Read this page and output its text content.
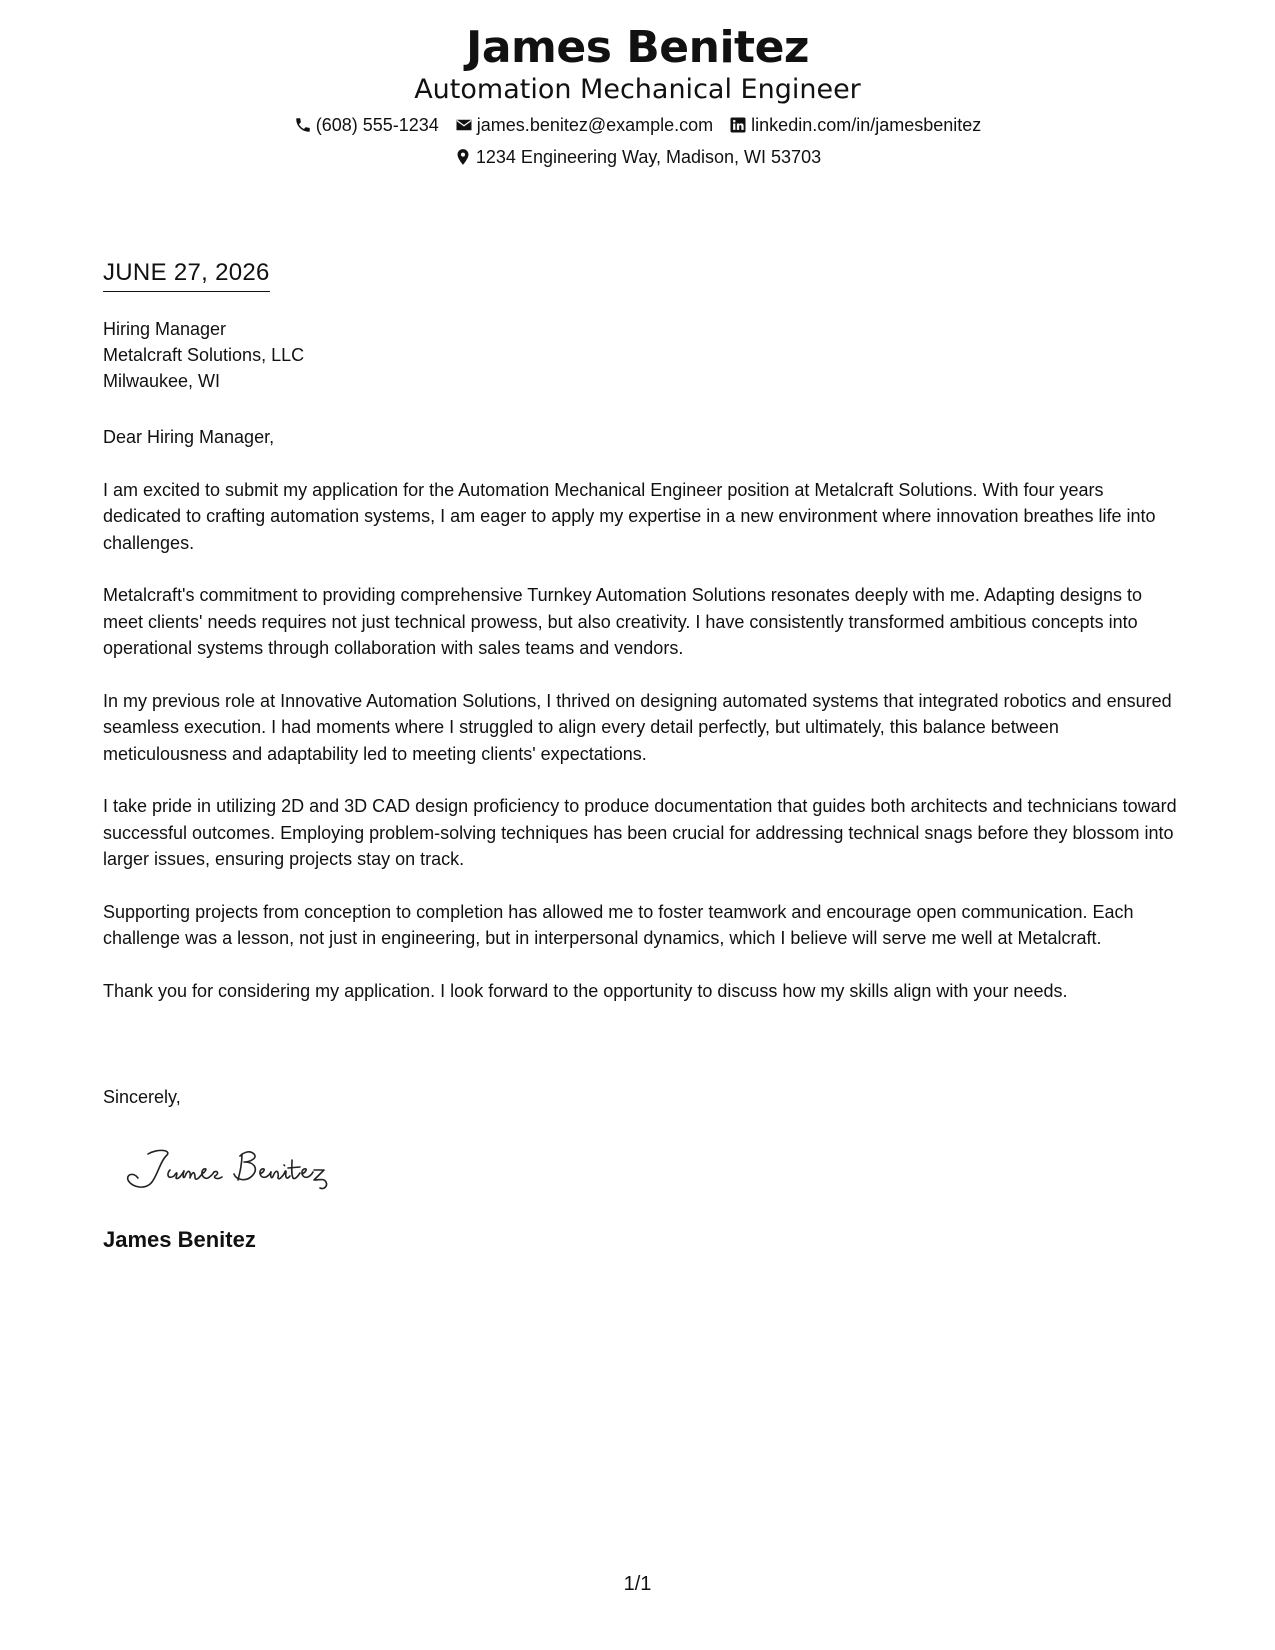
James Benitez
Automation Mechanical Engineer
(608) 555-1234 james.benitez@example.com linkedin.com/in/jamesbenitez
1234 Engineering Way, Madison, WI 53703
JUNE 27, 2026
Hiring Manager
Metalcraft Solutions, LLC
Milwaukee, WI

Dear Hiring Manager,

I am excited to submit my application for the Automation Mechanical Engineer position at Metalcraft Solutions. With four years dedicated to crafting automation systems, I am eager to apply my expertise in a new environment where innovation breathes life into challenges.

Metalcraft's commitment to providing comprehensive Turnkey Automation Solutions resonates deeply with me. Adapting designs to meet clients' needs requires not just technical prowess, but also creativity. I have consistently transformed ambitious concepts into operational systems through collaboration with sales teams and vendors.

In my previous role at Innovative Automation Solutions, I thrived on designing automated systems that integrated robotics and ensured seamless execution. I had moments where I struggled to align every detail perfectly, but ultimately, this balance between meticulousness and adaptability led to meeting clients' expectations.

I take pride in utilizing 2D and 3D CAD design proficiency to produce documentation that guides both architects and technicians toward successful outcomes. Employing problem-solving techniques has been crucial for addressing technical snags before they blossom into larger issues, ensuring projects stay on track.

Supporting projects from conception to completion has allowed me to foster teamwork and encourage open communication. Each challenge was a lesson, not just in engineering, but in interpersonal dynamics, which I believe will serve me well at Metalcraft.

Thank you for considering my application. I look forward to the opportunity to discuss how my skills align with your needs.

Sincerely,
James Benitez
1/1
